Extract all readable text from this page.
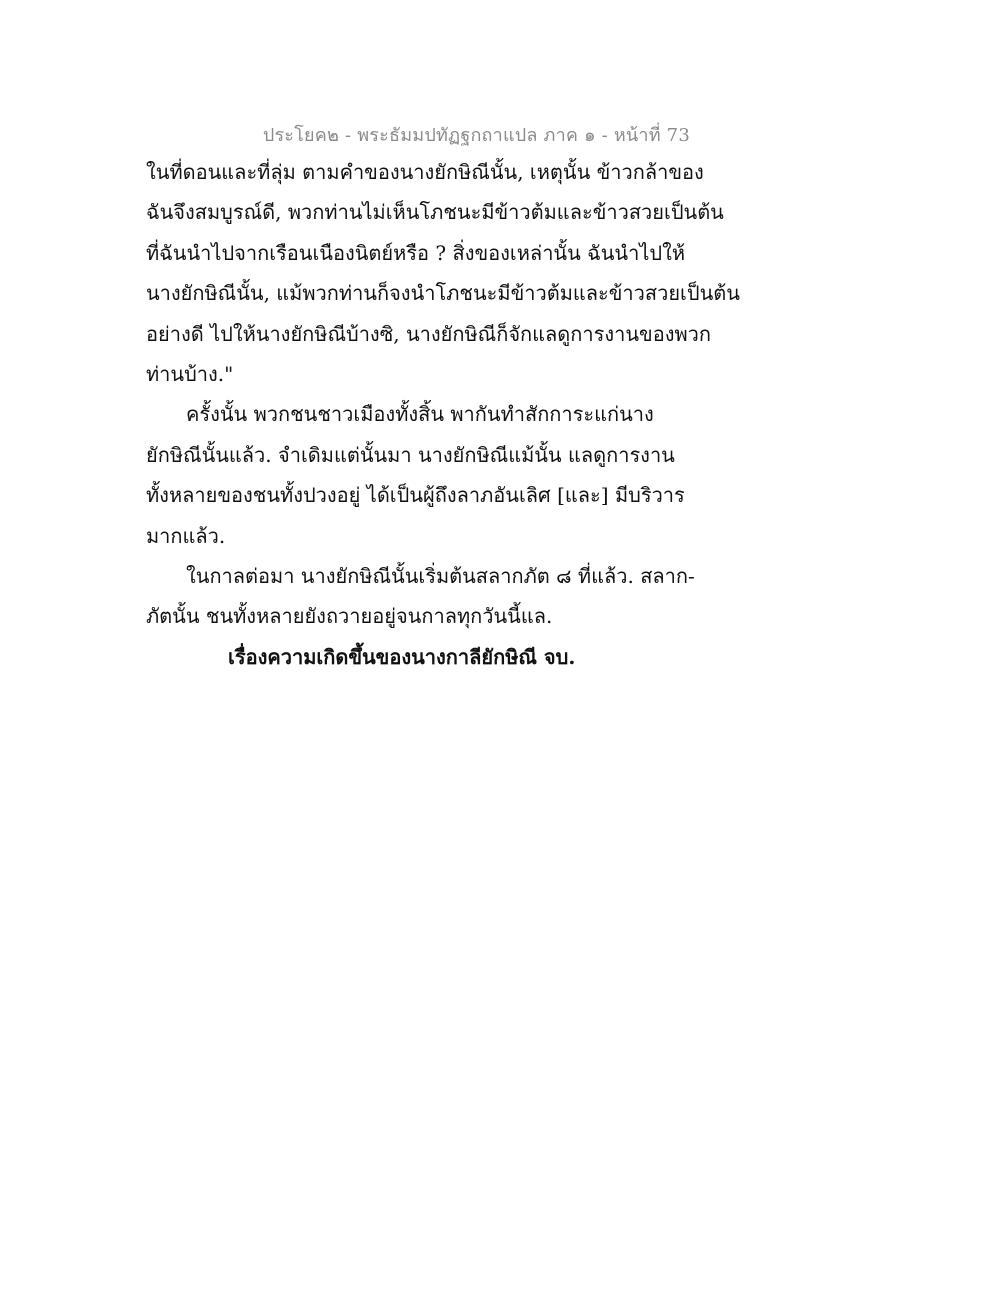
ประโยค๒ - พระธัมมปทัฏฐกถาแปล ภาค ๑ - หน้าที่ 73
ในที่ดอนและที่ลุ่ม ตามคำของนางยักษิณีนั้น, เหตุนั้น ข้าวกล้าของ
ฉันจึงสมบูรณ์ดี, พวกท่านไม่เห็นโภชนะมีข้าวต้มและข้าวสวยเป็นต้น
ที่ฉันนำไปจากเรือนเนืองนิตย์หรือ ? สิ่งของเหล่านั้น ฉันนำไปให้
นางยักษิณีนั้น, แม้พวกท่านก็จงนำโภชนะมีข้าวต้มและข้าวสวยเป็นต้น
อย่างดี ไปให้นางยักษิณีบ้างซิ, นางยักษิณีก็จักแลดูการงานของพวก
ท่านบ้าง."
ครั้งนั้น พวกชนชาวเมืองทั้งสิ้น พากันทำสักการะแก่นาง
ยักษิณีนั้นแล้ว. จำเดิมแต่นั้นมา นางยักษิณีแม้นั้น แลดูการงาน
ทั้งหลายของชนทั้งปวงอยู่ ได้เป็นผู้ถึงลาภอันเลิศ [และ] มีบริวาร
มากแล้ว.
ในกาลต่อมา นางยักษิณีนั้นเริ่มต้นสลากภัต ๘ ที่แล้ว. สลาก-
ภัตนั้น ชนทั้งหลายยังถวายอยู่จนกาลทุกวันนี้แล.
เรื่องความเกิดขึ้นของนางกาลียักษิณี จบ.
